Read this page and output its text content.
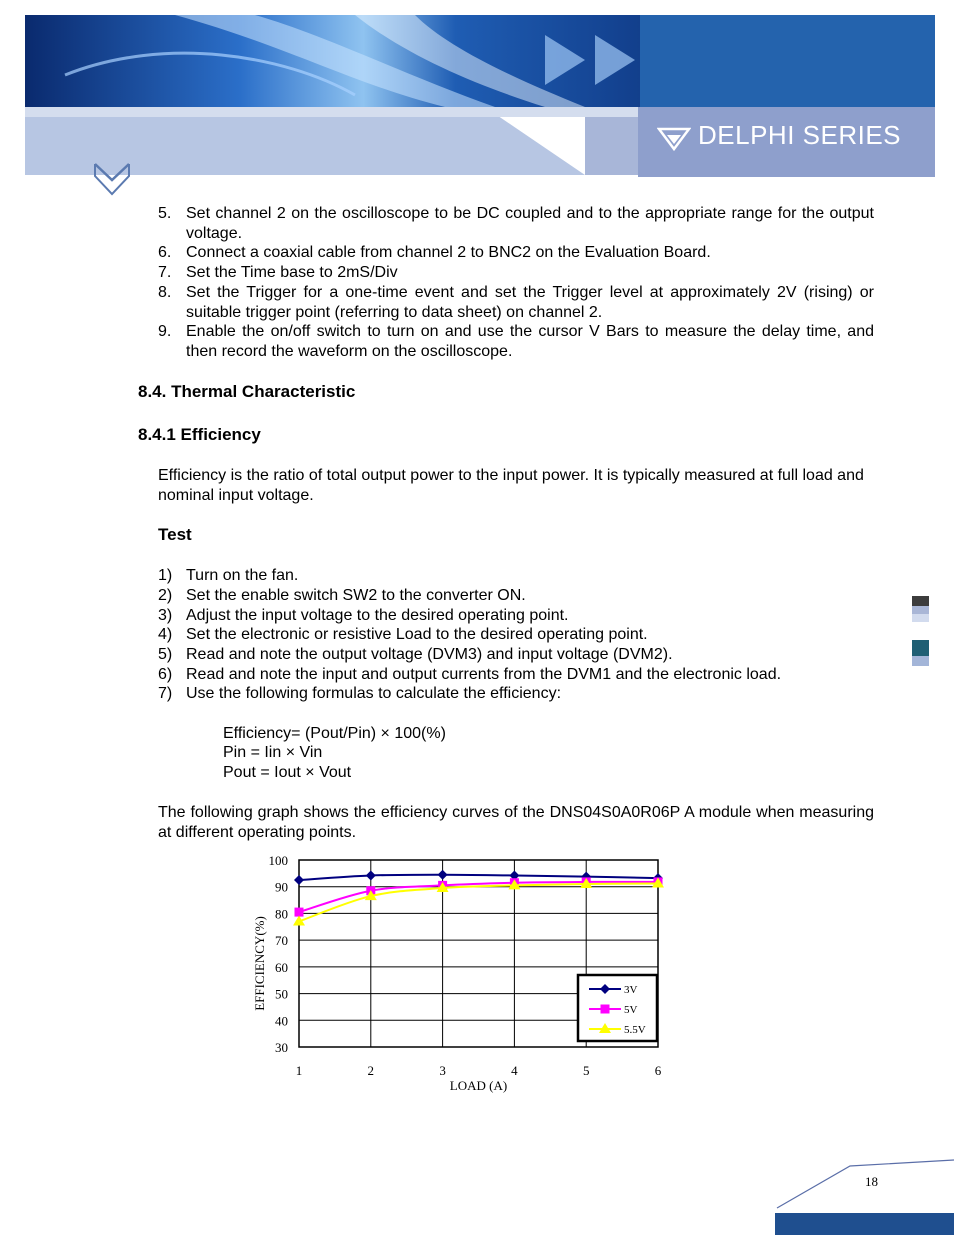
DELPHI SERIES
5. Set channel 2 on the oscilloscope to be DC coupled and to the appropriate range for the output voltage.
6. Connect a coaxial cable from channel 2 to BNC2 on the Evaluation Board.
7. Set the Time base to 2mS/Div
8. Set the Trigger for a one-time event and set the Trigger level at approximately 2V (rising) or suitable trigger point (referring to data sheet) on channel 2.
9. Enable the on/off switch to turn on and use the cursor V Bars to measure the delay time, and then record the waveform on the oscilloscope.
8.4. Thermal Characteristic
8.4.1 Efficiency
Efficiency is the ratio of total output power to the input power. It is typically measured at full load and nominal input voltage.
Test
1) Turn on the fan.
2) Set the enable switch SW2 to the converter ON.
3) Adjust the input voltage to the desired operating point.
4) Set the electronic or resistive Load to the desired operating point.
5) Read and note the output voltage (DVM3) and input voltage (DVM2).
6) Read and note the input and output currents from the DVM1 and the electronic load.
7) Use the following formulas to calculate the efficiency:
Efficiency= (Pout/Pin) × 100(%)
Pin = Iin × Vin
Pout = Iout × Vout
The following graph shows the efficiency curves of the DNS04S0A0R06P A module when measuring at different operating points.
30
40
50
60
70
80
90
100
1	2	3	4	5	6
LOAD (A)
EFFICIENCY(%)	3V
5V
5.5V
18
